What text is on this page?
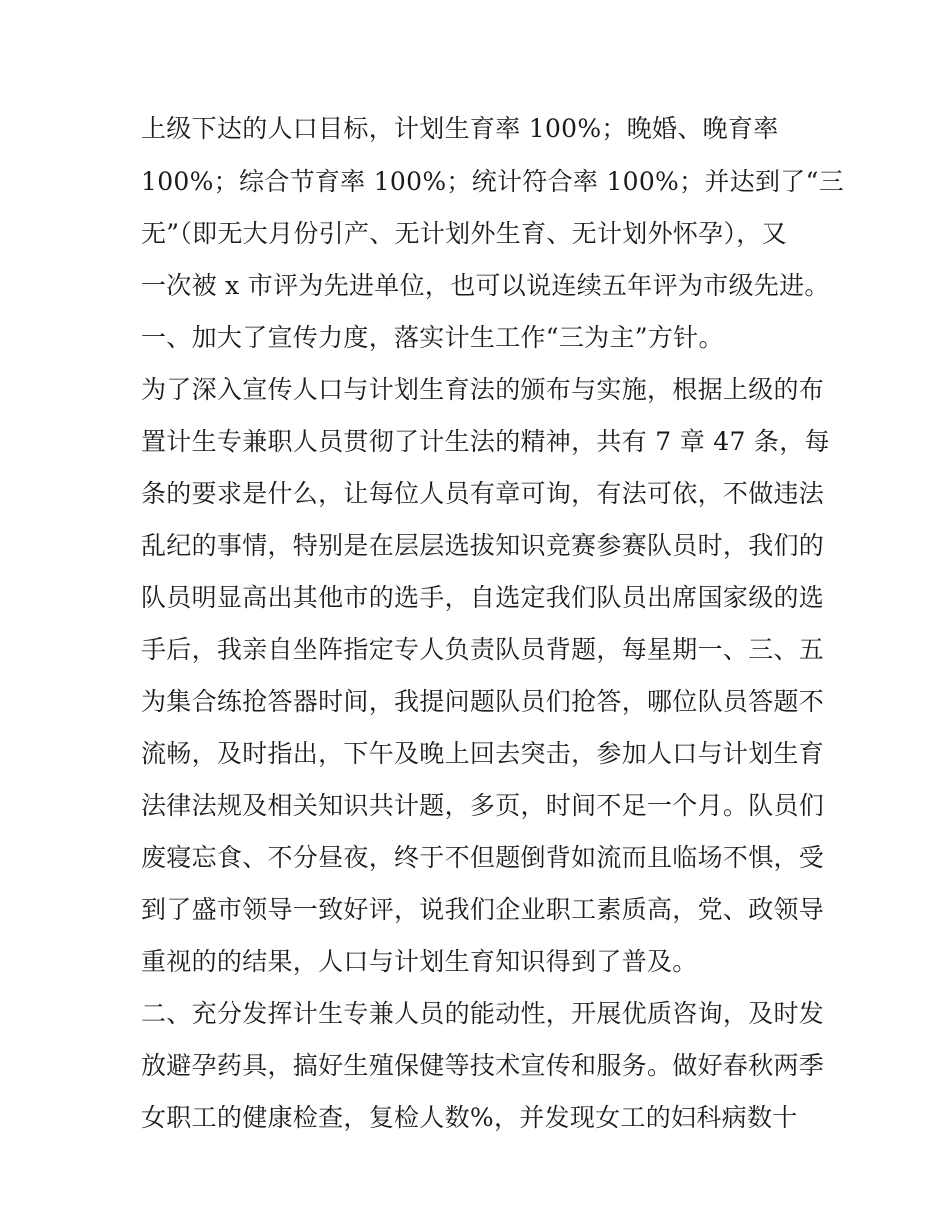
上级下达的人口目标，计划生育率 100%；晚婚、晚育率
100%；综合节育率 100%；统计符合率 100%；并达到了“三
无”（即无大月份引产、无计划外生育、无计划外怀孕），又
一次被 x 市评为先进单位，也可以说连续五年评为市级先进。
一、加大了宣传力度，落实计生工作“三为主”方针。
为了深入宣传人口与计划生育法的颁布与实施，根据上级的布
置计生专兼职人员贯彻了计生法的精神，共有 7 章 47 条，每
条的要求是什么，让每位人员有章可询，有法可依，不做违法
乱纪的事情，特别是在层层选拔知识竞赛参赛队员时，我们的
队员明显高出其他市的选手，自选定我们队员出席国家级的选
手后，我亲自坐阵指定专人负责队员背题，每星期一、三、五
为集合练抢答器时间，我提问题队员们抢答，哪位队员答题不
流畅，及时指出，下午及晚上回去突击，参加人口与计划生育
法律法规及相关知识共计题，多页，时间不足一个月。队员们
废寝忘食、不分昼夜，终于不但题倒背如流而且临场不惧，受
到了盛市领导一致好评，说我们企业职工素质高，党、政领导
重视的的结果，人口与计划生育知识得到了普及。
二、充分发挥计生专兼人员的能动性，开展优质咨询，及时发
放避孕药具，搞好生殖保健等技术宣传和服务。做好春秋两季
女职工的健康检查，复检人数%，并发现女工的妇科病数十
